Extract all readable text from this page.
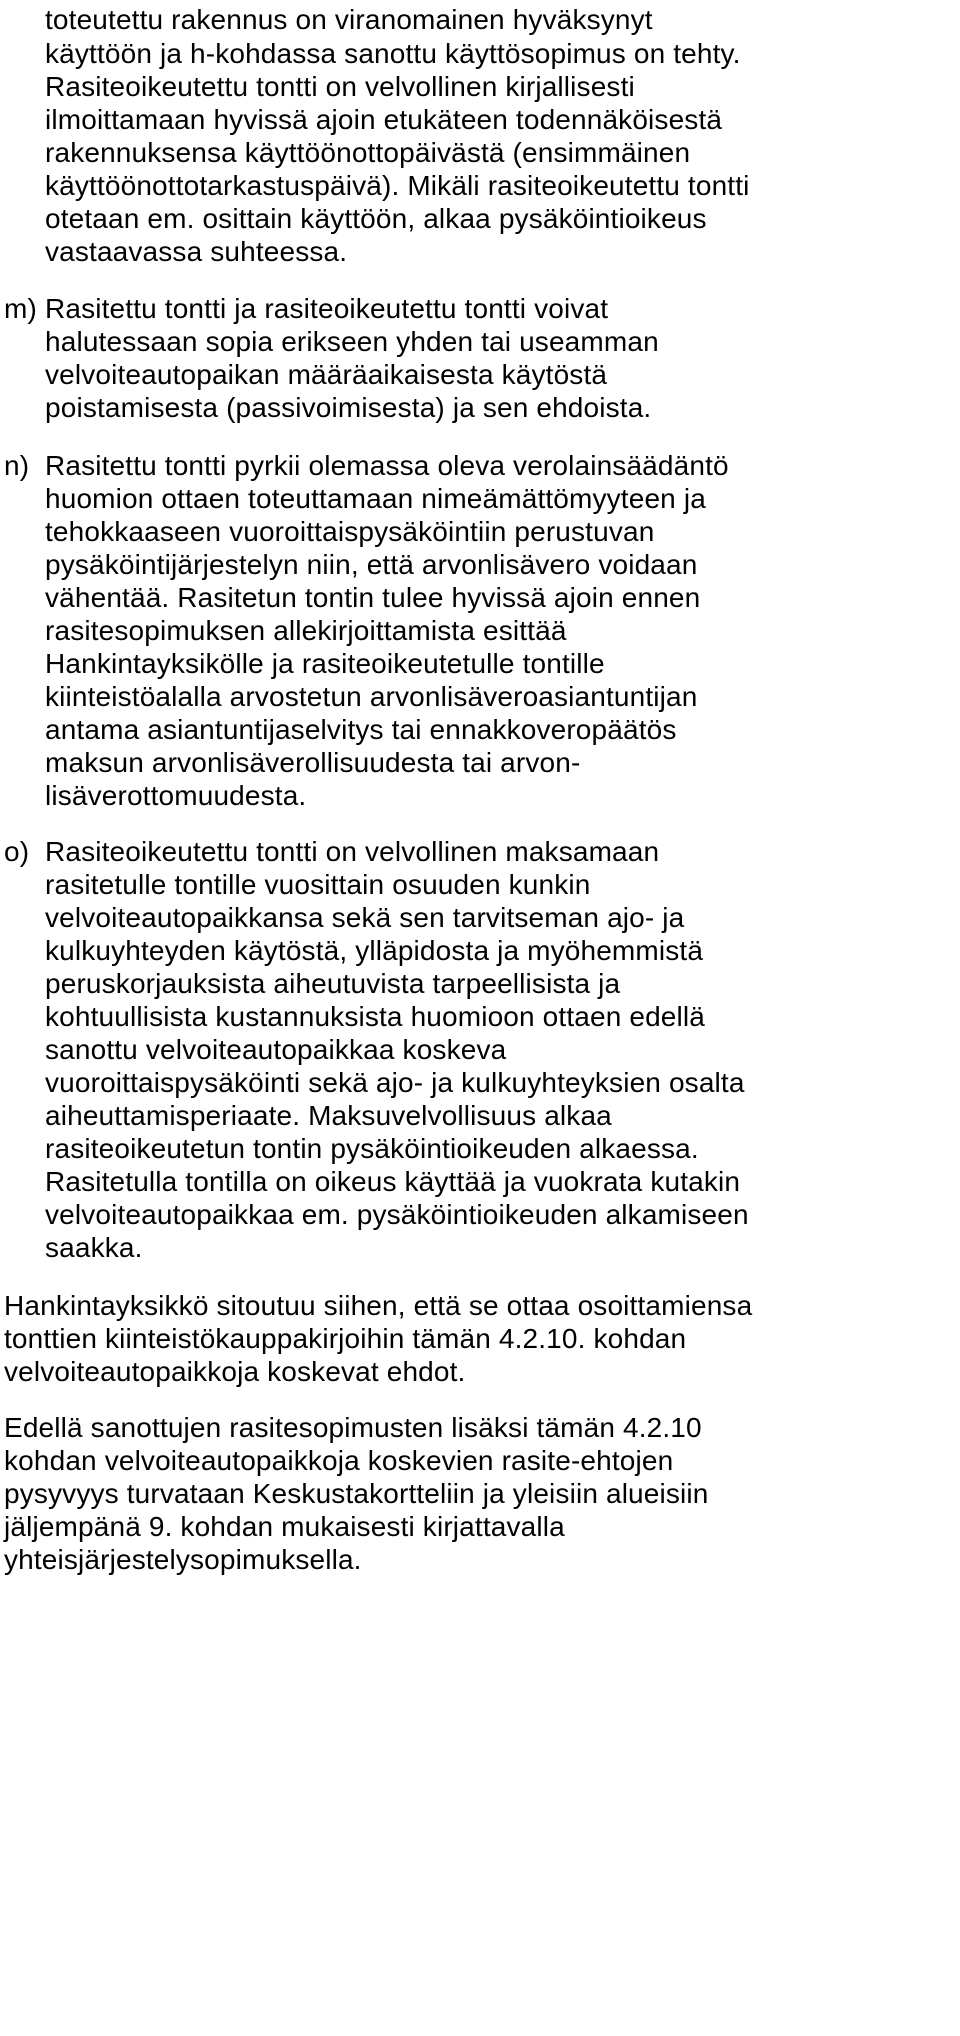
toteutettu rakennus on viranomainen hyväksynyt
käyttöön ja h-kohdassa sanottu käyttösopimus on tehty.
Rasiteoikeutettu tontti on velvollinen kirjallisesti
ilmoittamaan hyvissä ajoin etukäteen todennäköisestä
rakennuksensa käyttöönottopäivästä (ensimmäinen
käyttöönottotarkastuspäivä). Mikäli rasiteoikeutettu tontti
otetaan em. osittain käyttöön, alkaa pysäköintioikeus
vastaavassa suhteessa.
m) Rasitettu tontti ja rasiteoikeutettu tontti voivat
halutessaan sopia erikseen yhden tai useamman
velvoiteautopaikan määräaikaisesta käytöstä
poistamisesta (passivoimisesta) ja sen ehdoista.
n) Rasitettu tontti pyrkii olemassa oleva verolainsäädäntö
huomion ottaen toteuttamaan nimeämättömyyteen ja
tehokkaaseen vuoroittaispysäköintiin perustuvan
pysäköintijärjestelyn niin, että arvonlisävero voidaan
vähentää. Rasitetun tontin tulee hyvissä ajoin ennen
rasitesopimuksen allekirjoittamista esittää
Hankintayksikölle ja rasiteoikeutetulle tontille
kiinteistöalalla arvostetun arvonlisäveroasiantuntijan
antama asiantuntijaselvitys tai ennakkoveropäätös
maksun arvonlisäverollisuudesta tai arvon-
lisäverottomuudesta.
o) Rasiteoikeutettu tontti on velvollinen maksamaan
rasitetulle tontille vuosittain osuuden kunkin
velvoiteautopaikkansa sekä sen tarvitseman ajo- ja
kulkuyhteyden käytöstä, ylläpidosta ja myöhemmistä
peruskorjauksista aiheutuvista tarpeellisista ja
kohtuullisista kustannuksista huomioon ottaen edellä
sanottu velvoiteautopaikkaa koskeva
vuoroittaispysäköinti sekä ajo- ja kulkuyhteyksien osalta
aiheuttamisperiaate. Maksuvelvollisuus alkaa
rasiteoikeutetun tontin pysäköintioikeuden alkaessa.
Rasitetulla tontilla on oikeus käyttää ja vuokrata kutakin
velvoiteautopaikkaa em. pysäköintioikeuden alkamiseen
saakka.
Hankintayksikkö sitoutuu siihen, että se ottaa osoittamiensa
tonttien kiinteistökauppakirjoihin tämän 4.2.10. kohdan
velvoiteautopaikkoja koskevat ehdot.
Edellä sanottujen rasitesopimusten lisäksi tämän 4.2.10
kohdan velvoiteautopaikkoja koskevien rasite-ehtojen
pysyvyys turvataan Keskustakortteliin ja yleisiin alueisiin
jäljempänä 9. kohdan mukaisesti kirjattavalla
yhteisjärjestelysopimuksella.
